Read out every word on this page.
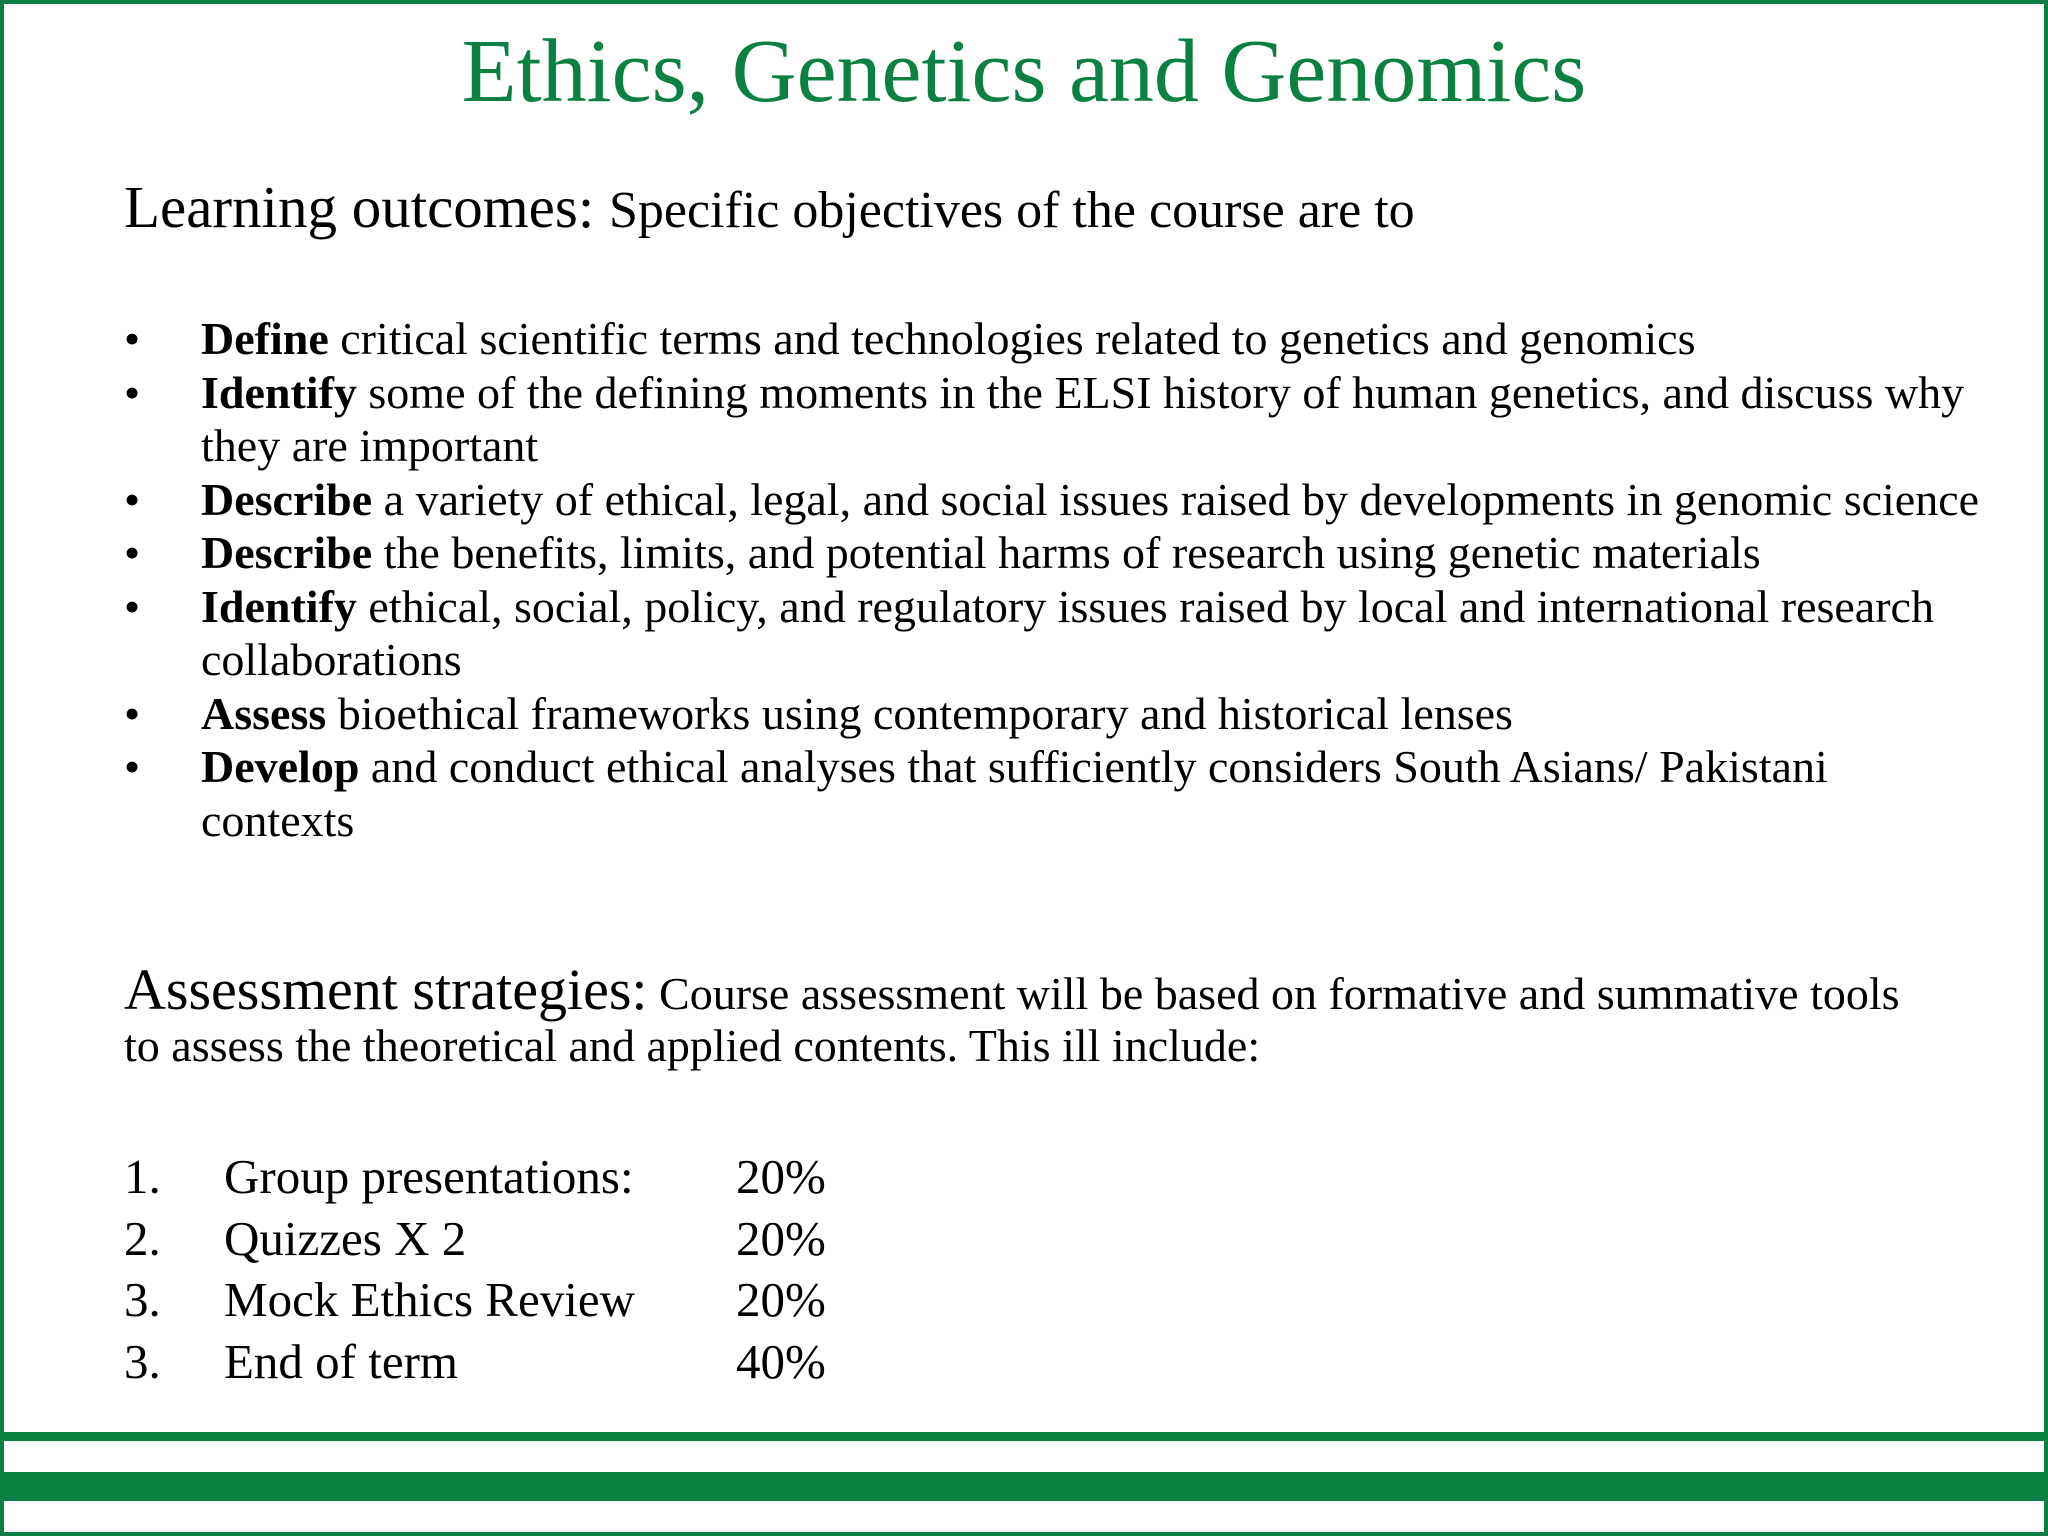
Ethics, Genetics and Genomics
Learning outcomes: Specific objectives of the course are to
• Define critical scientific terms and technologies related to genetics and genomics
• Identify some of the defining moments in the ELSI history of human genetics, and discuss why they are important
• Describe a variety of ethical, legal, and social issues raised by developments in genomic science
• Describe the benefits, limits, and potential harms of research using genetic materials
• Identify ethical, social, policy, and regulatory issues raised by local and international research collaborations
• Assess bioethical frameworks using contemporary and historical lenses
• Develop and conduct ethical analyses that sufficiently considers South Asians/ Pakistani contexts
Assessment strategies: Course assessment will be based on formative and summative tools to assess the theoretical and applied contents. This ill include:
1. Group presentations: 20%
2. Quizzes X 2	20%
3. Mock Ethics Review 20%
3. End of term	40%
